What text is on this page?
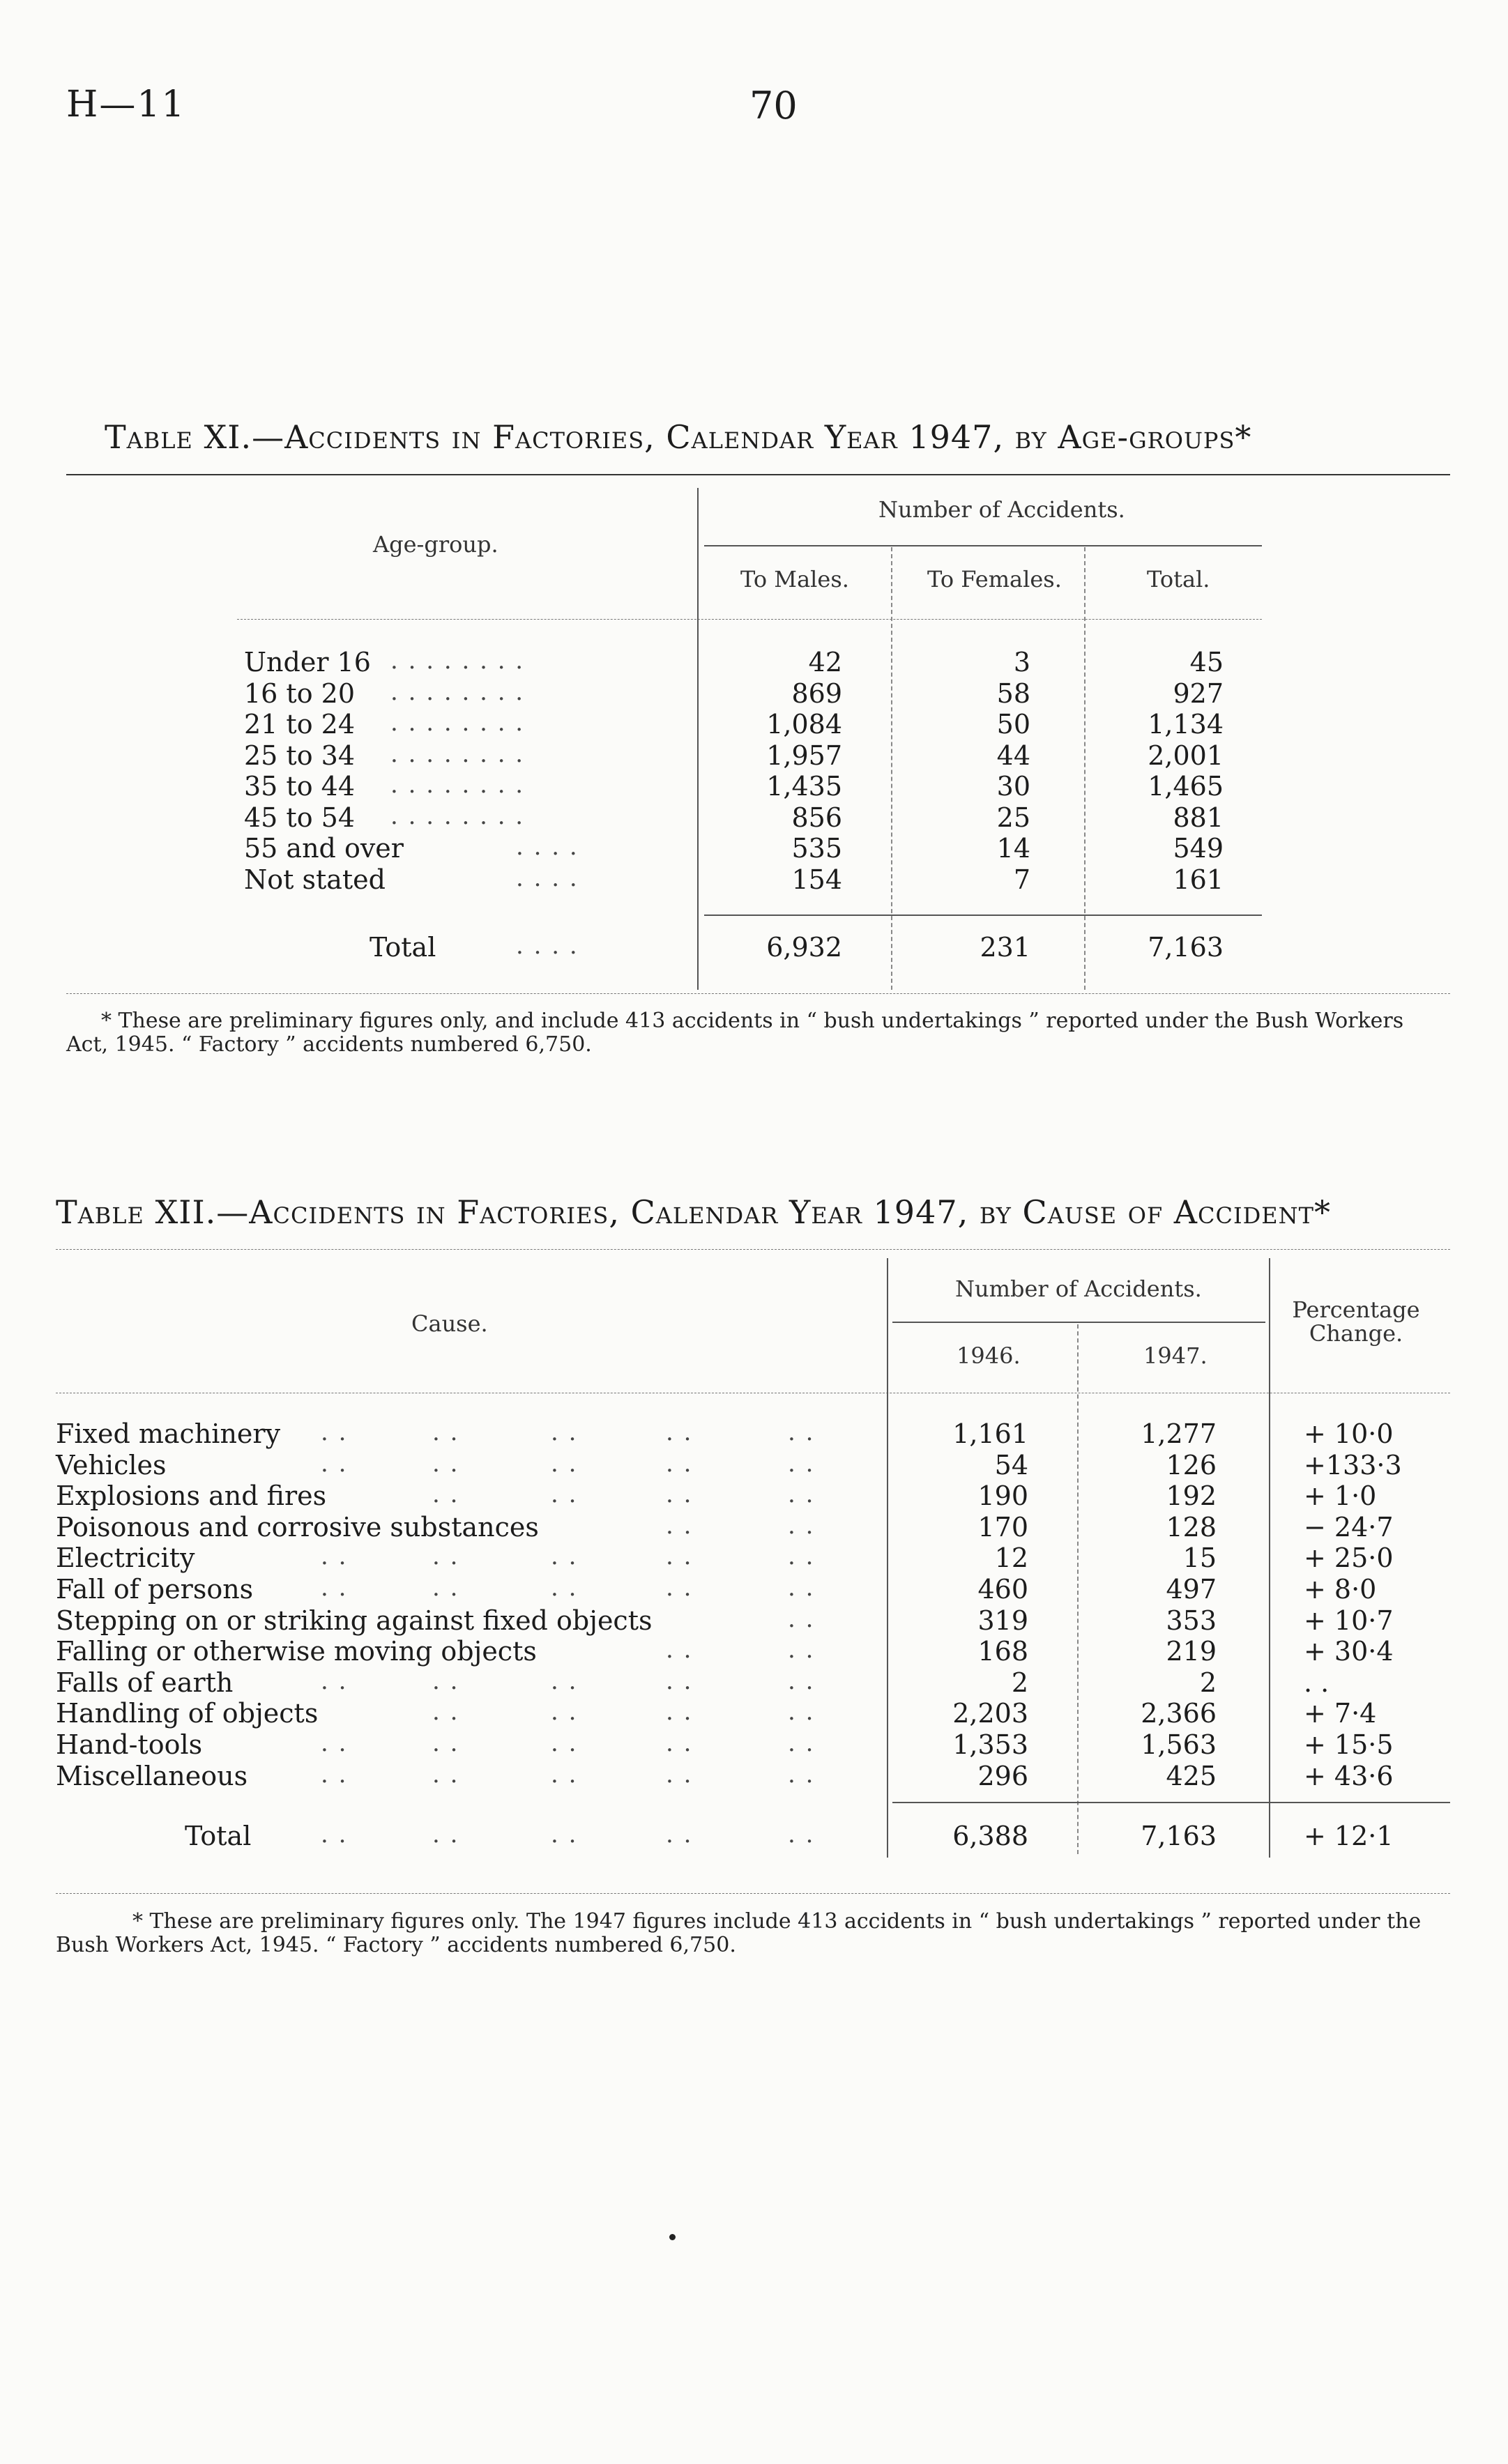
H—11	70
Table XI.—Accidents in Factories, Calendar Year 1947, by Age-groups*
* These are preliminary figures only, and include 413 accidents in “ bush undertakings ” reported under the Bush Workers Act, 1945. “ Factory ” accidents numbered 6,750.
Table XII.—Accidents in Factories, Calendar Year 1947, by Cause of Accident*
* These are preliminary figures only. The 1947 figures include 413 accidents in “ bush undertakings ” reported under the Bush Workers Act, 1945. “ Factory ” accidents numbered 6,750.
Age-group.
Number of Accidents.
To Males.	To Females.	Total.
Under 16 . . . . . . . .	42	3	45
16 to 20 . . . . . . . .	869	58	927
21 to 24 . . . . . . . .	1,084	50	1,134
25 to 34 . . . . . . . .	1,957	44	2,001
35 to 44 . . . . . . . .	1,435	30	1,465
45 to 54 . . . . . . . .	856	25	881
55 and over	. . . .	535	14	549
Not stated	. . . .	154	7	161
Total	. . . .	6,932	231	7,163
Cause.
Number of Accidents.
1946.	1947.
Percentage Change.
Fixed machinery . .	. .	. .	. .	. .	1,161	1,277	+ 10·0
Vehicles	. .	. .	. .	. .	. .	54	126	+133·3
Explosions and fires	. .	. .	. .	. .	190	192	+ 1·0
Poisonous and corrosive substances	. .	. .	170	128	− 24·7
Electricity	. .	. .	. .	. .	. .	12	15	+ 25·0
Fall of persons	. .	. .	. .	. .	. .	460	497	+ 8·0
Stepping on or striking against fixed objects	. .	319	353	+ 10·7
Falling or otherwise moving objects	. .	. .	168	219	+ 30·4
Falls of earth	. .	. .	. .	. .	. .	2	2	. .
Handling of objects	. .	. .	. .	. .	2,203	2,366	+ 7·4
Hand-tools	. .	. .	. .	. .	. .	1,353	1,563	+ 15·5
Miscellaneous	. .	. .	. .	. .	. .	296	425	+ 43·6
Total	. .	. .	. .	. .	. .	6,388	7,163	+ 12·1
